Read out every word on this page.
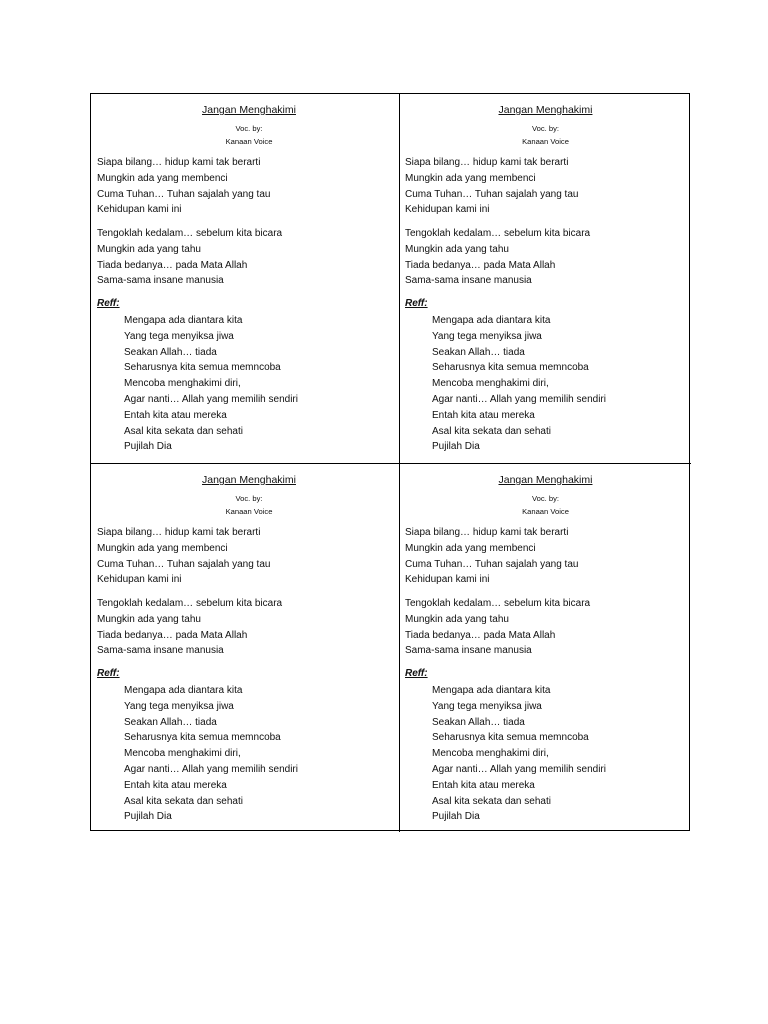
Jangan Menghakimi
Voc. by:
Kanaan Voice
Siapa bilang… hidup kami tak berarti
Mungkin ada yang membenci
Cuma Tuhan… Tuhan sajalah yang tau
Kehidupan kami ini
Tengoklah kedalam… sebelum kita bicara
Mungkin ada yang tahu
Tiada bedanya… pada Mata Allah
Sama-sama insane manusia
Reff:
Mengapa ada diantara kita
Yang tega menyiksa jiwa
Seakan Allah… tiada
Seharusnya kita semua memncoba
Mencoba menghakimi diri,
Agar nanti… Allah yang memilih sendiri
Entah kita atau mereka
Asal kita sekata dan sehati
Pujilah Dia
Jangan Menghakimi
Voc. by:
Kanaan Voice
Siapa bilang… hidup kami tak berarti
Mungkin ada yang membenci
Cuma Tuhan… Tuhan sajalah yang tau
Kehidupan kami ini
Tengoklah kedalam… sebelum kita bicara
Mungkin ada yang tahu
Tiada bedanya… pada Mata Allah
Sama-sama insane manusia
Reff:
Mengapa ada diantara kita
Yang tega menyiksa jiwa
Seakan Allah… tiada
Seharusnya kita semua memncoba
Mencoba menghakimi diri,
Agar nanti… Allah yang memilih sendiri
Entah kita atau mereka
Asal kita sekata dan sehati
Pujilah Dia
Jangan Menghakimi
Voc. by:
Kanaan Voice
Siapa bilang… hidup kami tak berarti
Mungkin ada yang membenci
Cuma Tuhan… Tuhan sajalah yang tau
Kehidupan kami ini
Tengoklah kedalam… sebelum kita bicara
Mungkin ada yang tahu
Tiada bedanya… pada Mata Allah
Sama-sama insane manusia
Reff:
Mengapa ada diantara kita
Yang tega menyiksa jiwa
Seakan Allah… tiada
Seharusnya kita semua memncoba
Mencoba menghakimi diri,
Agar nanti… Allah yang memilih sendiri
Entah kita atau mereka
Asal kita sekata dan sehati
Pujilah Dia
Jangan Menghakimi
Voc. by:
Kanaan Voice
Siapa bilang… hidup kami tak berarti
Mungkin ada yang membenci
Cuma Tuhan… Tuhan sajalah yang tau
Kehidupan kami ini
Tengoklah kedalam… sebelum kita bicara
Mungkin ada yang tahu
Tiada bedanya… pada Mata Allah
Sama-sama insane manusia
Reff:
Mengapa ada diantara kita
Yang tega menyiksa jiwa
Seakan Allah… tiada
Seharusnya kita semua memncoba
Mencoba menghakimi diri,
Agar nanti… Allah yang memilih sendiri
Entah kita atau mereka
Asal kita sekata dan sehati
Pujilah Dia
